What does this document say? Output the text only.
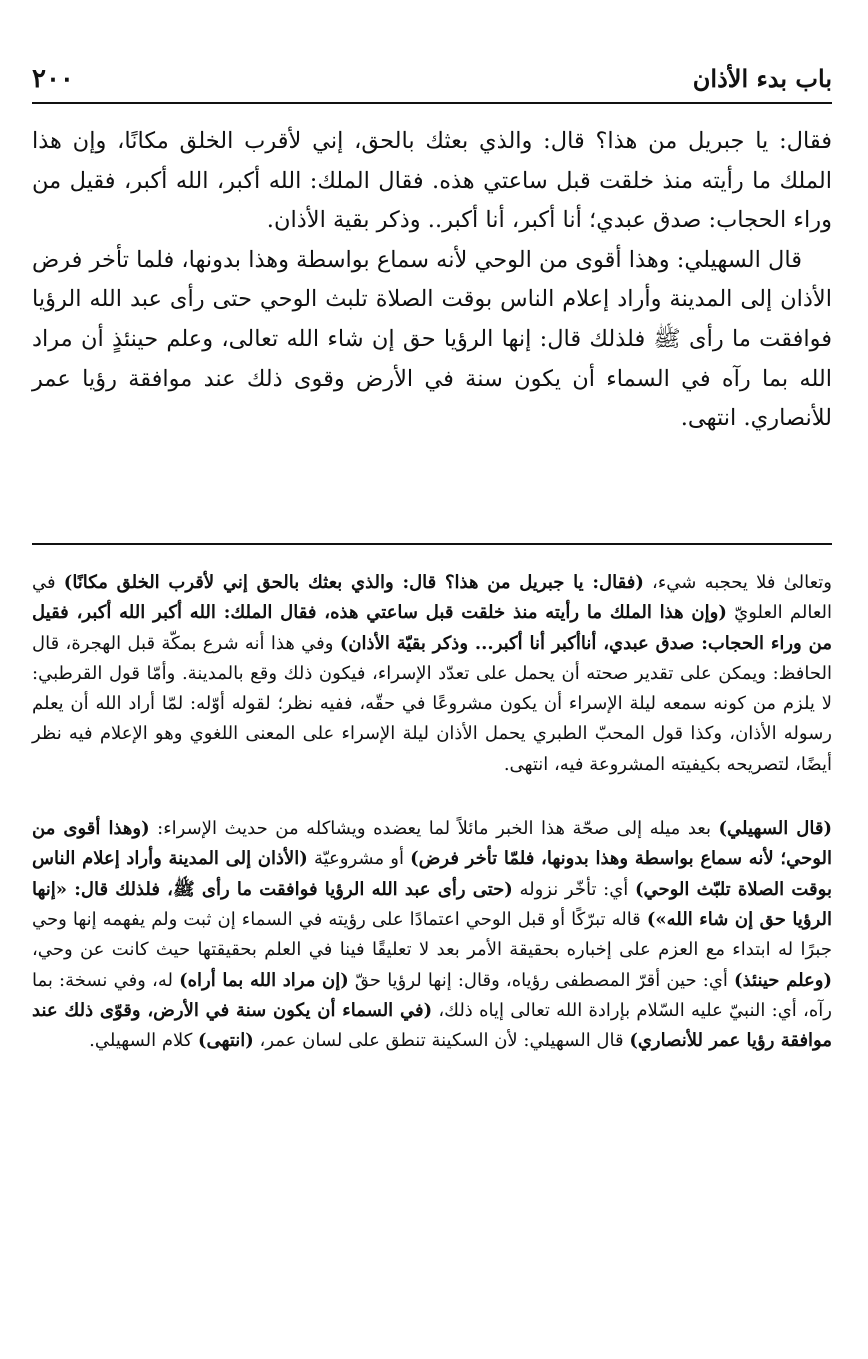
باب بدء الأذان
٢٠٠

فقال: يا جبريل من هذا؟ قال: والذي بعثك بالحق، إني لأقرب الخلق مكانًا، وإن هذا الملك ما رأيته منذ خلقت قبل ساعتي هذه. فقال الملك: الله أكبر، الله أكبر، فقيل من وراء الحجاب: صدق عبدي؛ أنا أكبر، أنا أكبر.. وذكر بقية الأذان.

قال السهيلي: وهذا أقوى من الوحي لأنه سماع بواسطة وهذا بدونها، فلما تأخر فرض الأذان إلى المدينة وأراد إعلام الناس بوقت الصلاة تلبث الوحي حتى رأى عبد الله الرؤيا فوافقت ما رأى ﷺ فلذلك قال: إنها الرؤيا حق إن شاء الله تعالى، وعلم حينئذٍ أن مراد الله بما رآه في السماء أن يكون سنة في الأرض وقوى ذلك عند موافقة رؤيا عمر للأنصاري. انتهى.

وتعالىٰ فلا يحجبه شيء، (فقال: يا جبريل من هذا؟ قال: والذي بعثك بالحق إني لأقرب الخلق مكانًا) في العالم العلويّ (وإن هذا الملك ما رأيته منذ خلقت قبل ساعتي هذه، فقال الملك: الله أكبر الله أكبر، فقيل من وراء الحجاب: صدق عبدي، أناأكبر أنا أكبر... وذكر بقيّة الأذان) وفي هذا أنه شرع بمكّة قبل الهجرة، قال الحافظ: ويمكن على تقدير صحته أن يحمل على تعدّد الإسراء، فيكون ذلك وقع بالمدينة. وأمّا قول القرطبي: لا يلزم من كونه سمعه ليلة الإسراء أن يكون مشروعًا في حقّه، ففيه نظر؛ لقوله أوّله: لمّا أراد الله أن يعلم رسوله الأذان، وكذا قول المحبّ الطبري يحمل الأذان ليلة الإسراء على المعنى اللغوي وهو الإعلام فيه نظر أيضًا، لتصريحه بكيفيته المشروعة فيه، انتهى.

(قال السهيلي) بعد ميله إلى صحّة هذا الخبر مائلاً لما يعضده ويشاكله من حديث الإسراء: (وهذا أقوى من الوحي؛ لأنه سماع بواسطة وهذا بدونها، فلمّا تأخر فرض) أو مشروعيّة (الأذان إلى المدينة وأراد إعلام الناس بوقت الصلاة تلبّث الوحي) أي: تأخّر نزوله (حتى رأى عبد الله الرؤيا فوافقت ما رأى ﷺ، فلذلك قال: «إنها الرؤيا حق إن شاء الله») قاله تبرّكًا أو قبل الوحي اعتمادًا على رؤيته في السماء إن ثبت ولم يفهمه إنها وحي جبرًا له ابتداء مع العزم على إخباره بحقيقة الأمر بعد لا تعليقًا فينا في العلم بحقيقتها حيث كانت عن وحي، (وعلم حينئذ) أي: حين أقرّ المصطفى رؤياه، وقال: إنها لرؤيا حقّ (إن مراد الله بما أراه) له، وفي نسخة: بما رآه، أي: النبيّ عليه السّلام بإرادة الله تعالى إياه ذلك، (في السماء أن يكون سنة في الأرض، وقوّى ذلك عند موافقة رؤيا عمر للأنصاري) قال السهيلي: لأن السكينة تنطق على لسان عمر، (انتهى) كلام السهيلي.
